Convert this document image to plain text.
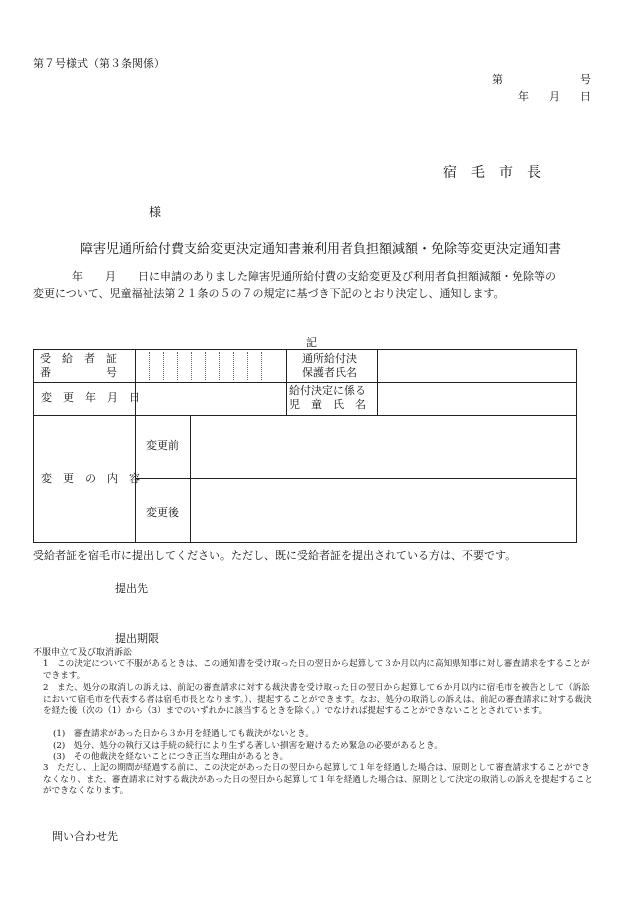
第７号様式（第３条関係）
第	号
年 月 日
宿　毛　市　長
様
障害児通所給付費支給変更決定通知書兼利用者負担額減額・免除等変更決定通知書
年　　月　　日に申請のありました障害児通所給付費の支給変更及び利用者負担額減額・免除等の
変更について、児童福祉法第２１条の５の７の規定に基づき下記のとおり決定し、通知します。
記
受　給　者　証
番　　　　　号
通所給付決
保護者氏名
変　更　年　月　日
給付決定に係る
児　童　氏　名
変　更　の　内　容
変更前
変更後
受給者証を宿毛市に提出してください。ただし、既に受給者証を提出されている方は、不要です。
提出先
提出期限
不服申立て及び取消訴訟
1　この決定について不服があるときは、この通知書を受け取った日の翌日から起算して３か月以内に高知県知事に対し審査請求をすることができます。
2　また、処分の取消しの訴えは、前記の審査請求に対する裁決書を受け取った日の翌日から起算して６か月以内に宿毛市を被告として（訴訟において宿毛市を代表する者は宿毛市長となります。）、提起することができます。なお、処分の取消しの訴えは、前記の審査請求に対する裁決を経た後（次の（1）から（3）までのいずれかに該当するときを除く。）でなければ提起することができないこととされています。
(1)　審査請求があった日から３か月を経過しても裁決がないとき。
(2)　処分、処分の執行又は手続の続行により生ずる著しい損害を避けるため緊急の必要があるとき。
(3)　その他裁決を経ないことにつき正当な理由があるとき。
3　ただし、上記の期間が経過する前に、この決定があった日の翌日から起算して１年を経過した場合は、原則として審査請求することができなくなり、また、審査請求に対する裁決があった日の翌日から起算して１年を経過した場合は、原則として決定の取消しの訴えを提起することができなくなります。
問い合わせ先
